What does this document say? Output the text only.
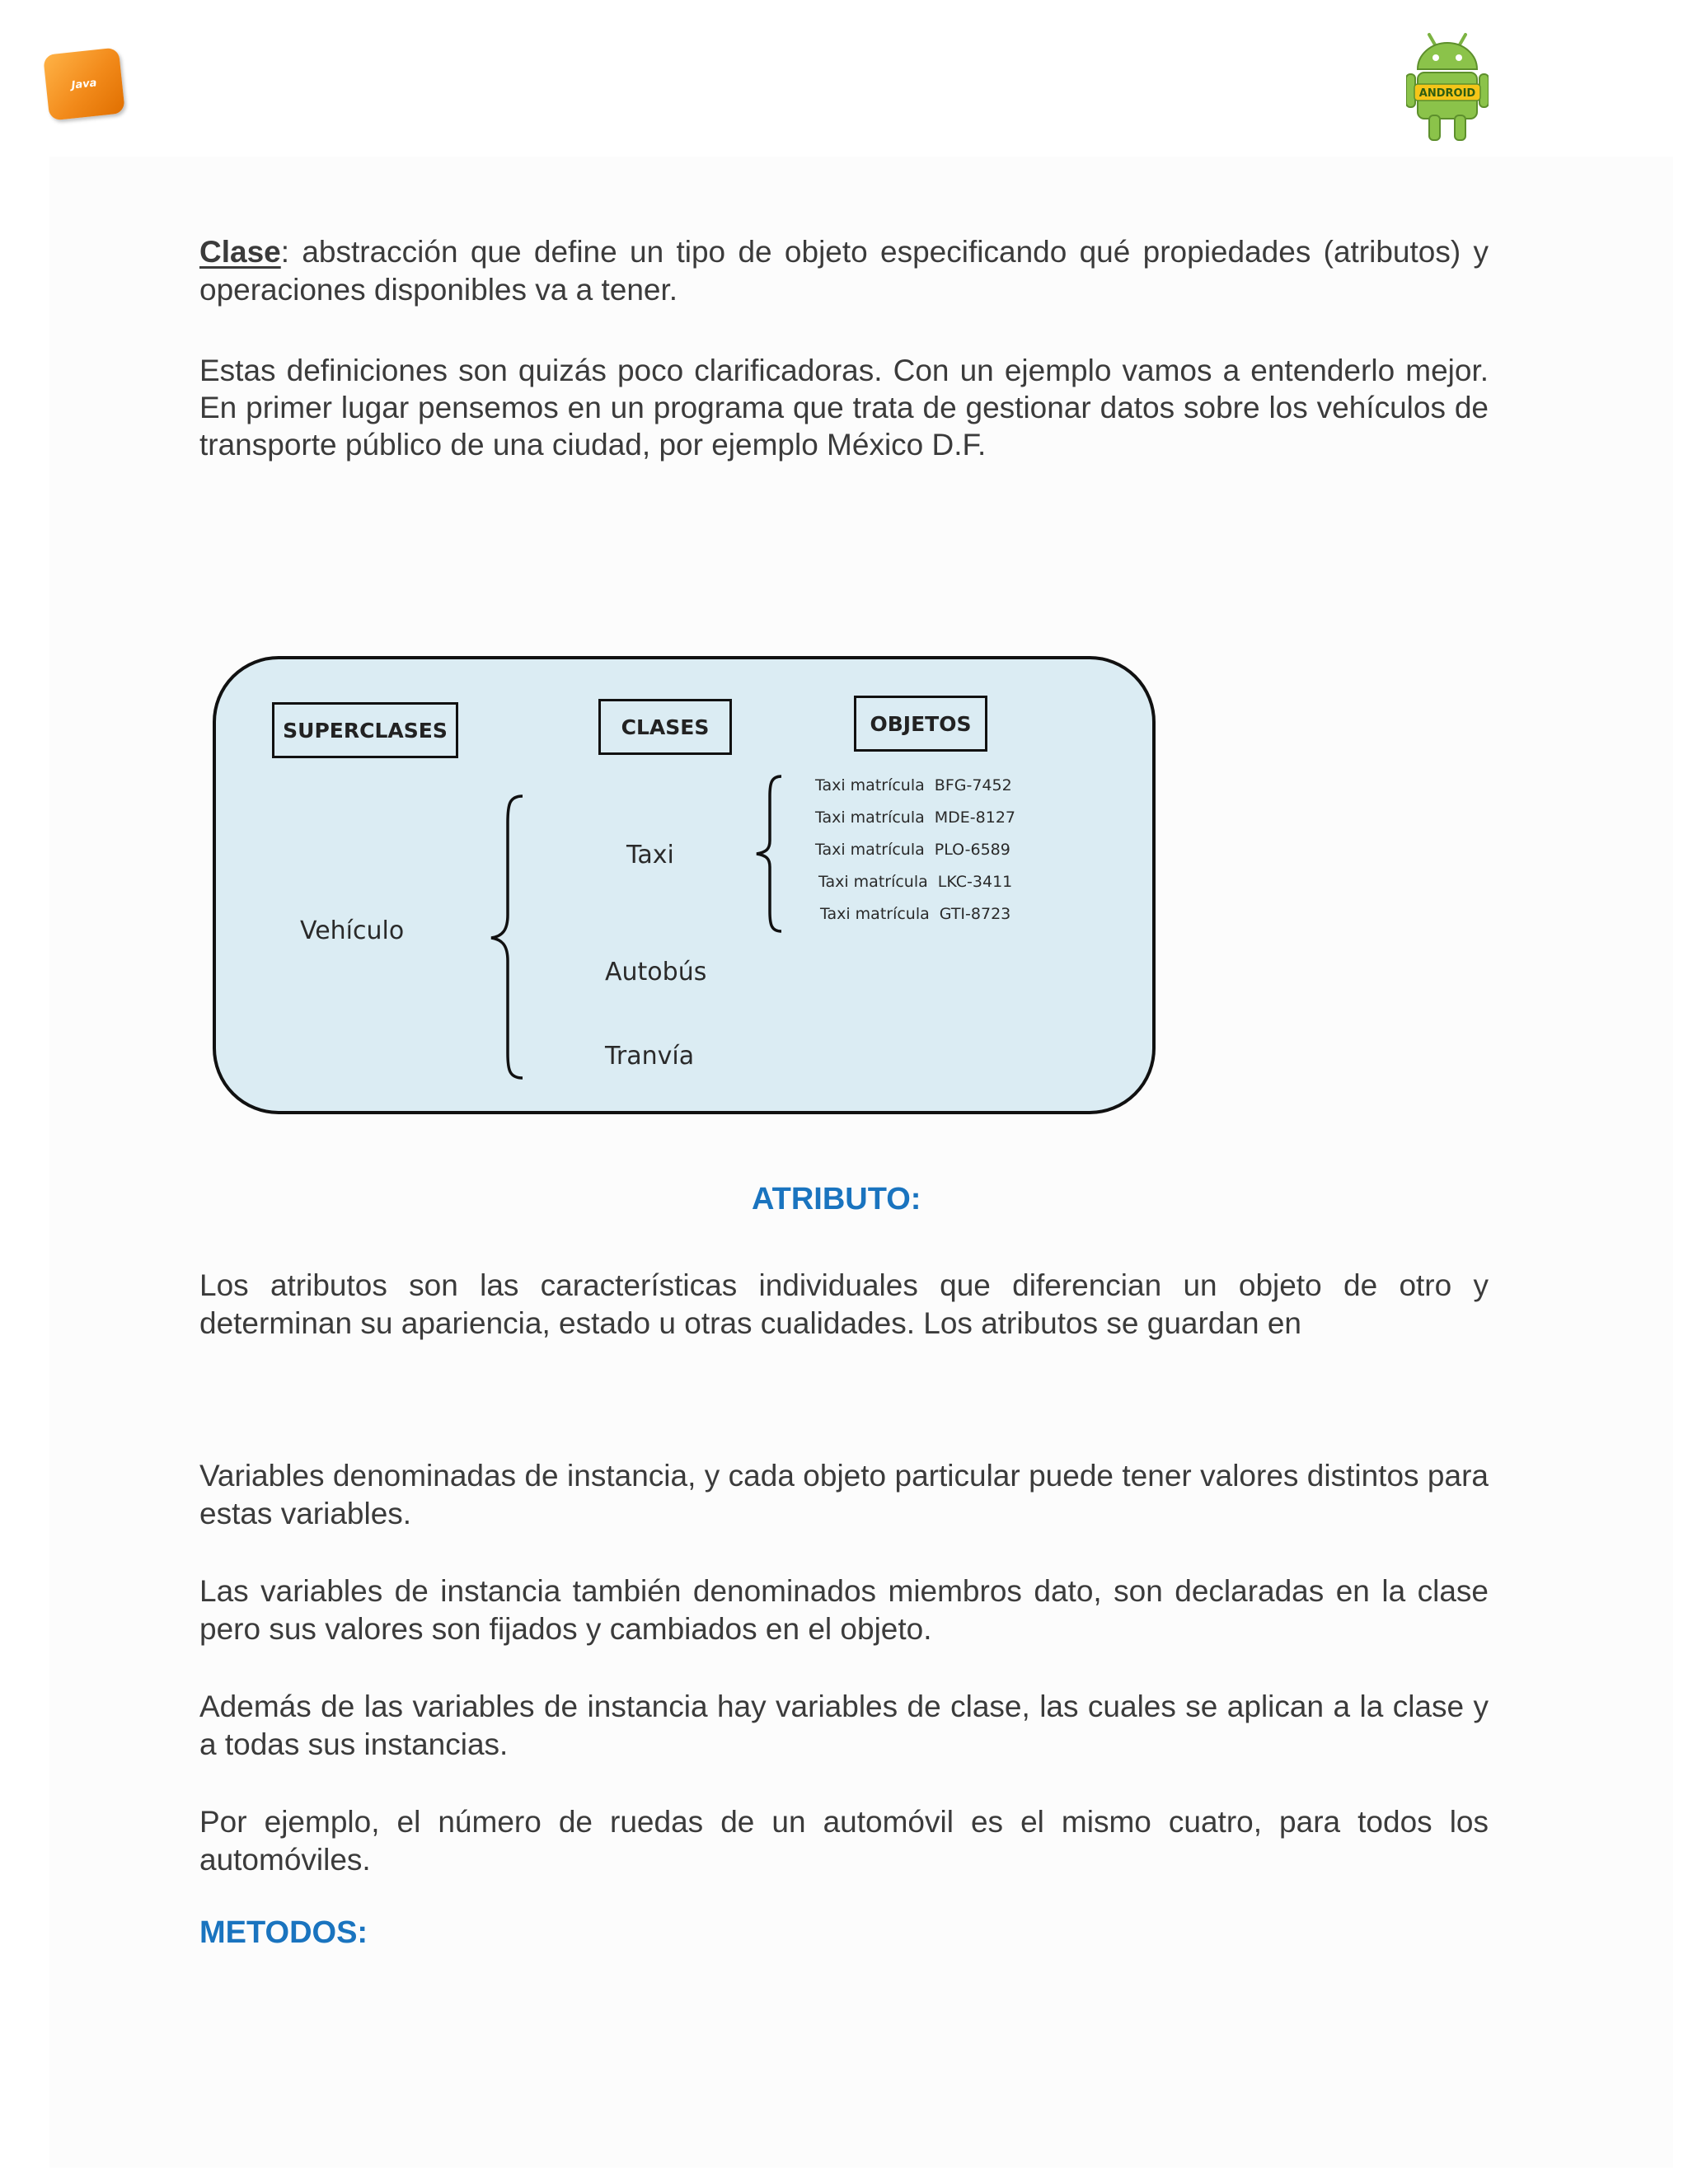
Java
ANDROID

Clase: abstracción que define un tipo de objeto especificando qué propiedades (atributos) y operaciones disponibles va a tener.

Estas definiciones son quizás poco clarificadoras. Con un ejemplo vamos a entenderlo mejor. En primer lugar pensemos en un programa que trata de gestionar datos sobre los vehículos de transporte público de una ciudad, por ejemplo México D.F.

SUPERCLASES	CLASES	OBJETOS
Vehículo
Taxi
Autobús
Tranvía
Taxi matrícula BFG-7452
Taxi matrícula MDE-8127
Taxi matrícula PLO-6589
Taxi matrícula LKC-3411
Taxi matrícula GTI-8723
ATRIBUTO:

Los atributos son las características individuales que diferencian un objeto de otro y determinan su apariencia, estado u otras cualidades. Los atributos se guardan en

Variables denominadas de instancia, y cada objeto particular puede tener valores distintos para estas variables.

Las variables de instancia también denominados miembros dato, son declaradas en la clase pero sus valores son fijados y cambiados en el objeto.

Además de las variables de instancia hay variables de clase, las cuales se aplican a la clase y a todas sus instancias.

Por ejemplo, el número de ruedas de un automóvil es el mismo cuatro, para todos los automóviles.

METODOS:
